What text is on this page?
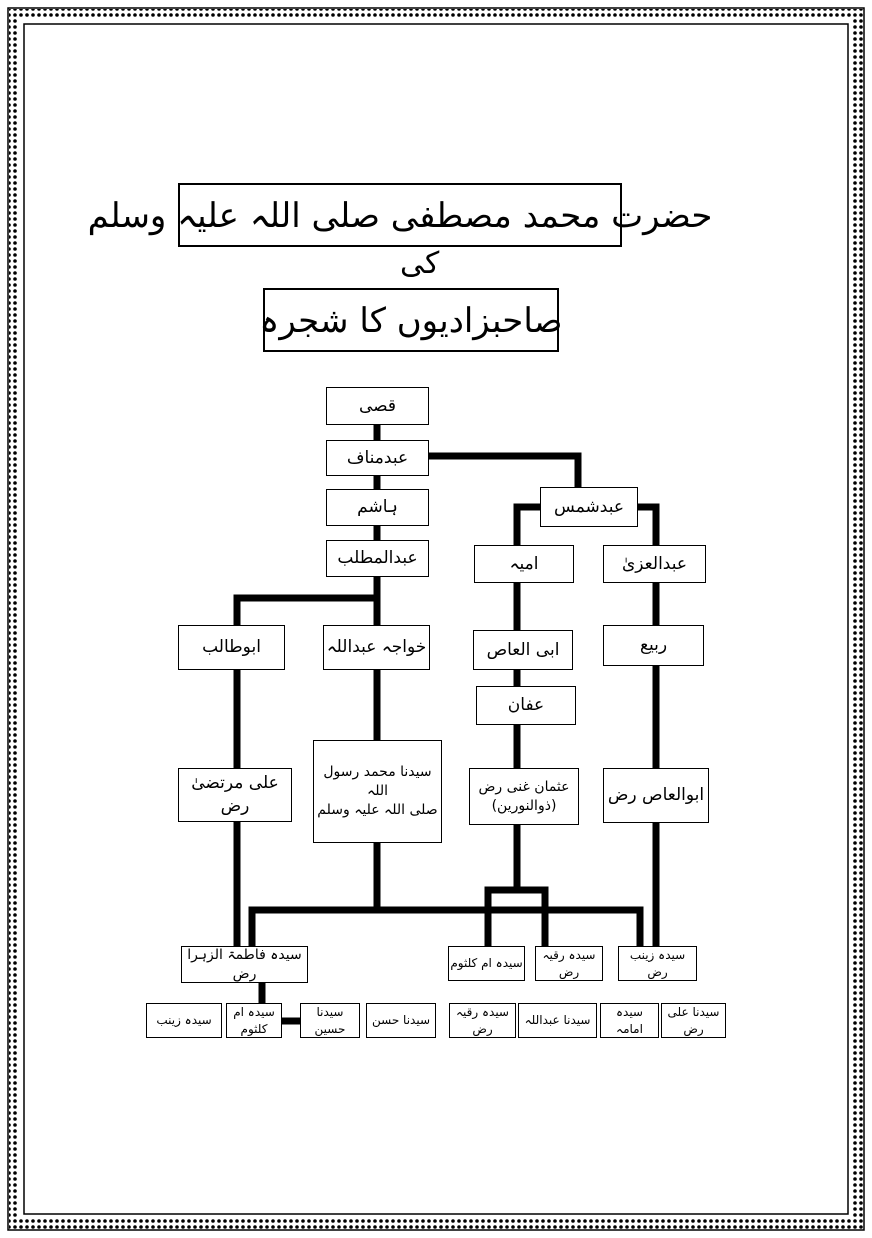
حضرت محمد مصطفی صلی اللہ علیہ وسلم
کی
صاحبزادیوں کا شجرہ
قصی
عبدمناف
ہاشم	عبدشمس
عبدالمطلب	امیہ	عبدالعزیٰ
ابوطالب	خواجہ عبداللہ	ابی العاص	ربیع
عفان
علی مرتضیٰ رض
سیدنا محمد رسول اللہ
صلی اللہ علیہ وسلم
عثمان غنی رض
(ذوالنورین)
ابوالعاص رض
سیدہ فاطمۃ الزہرا رض
سیدہ ام کلثوم
سیدہ رقیہ رض
سیدہ زینب رض
سیدہ زینب
سیدہ ام کلثوم
سیدنا حسین
سیدنا حسن
سیدہ رقیہ رض
سیدنا عبداللہ
سیدہ امامہ
سیدنا علی رض
